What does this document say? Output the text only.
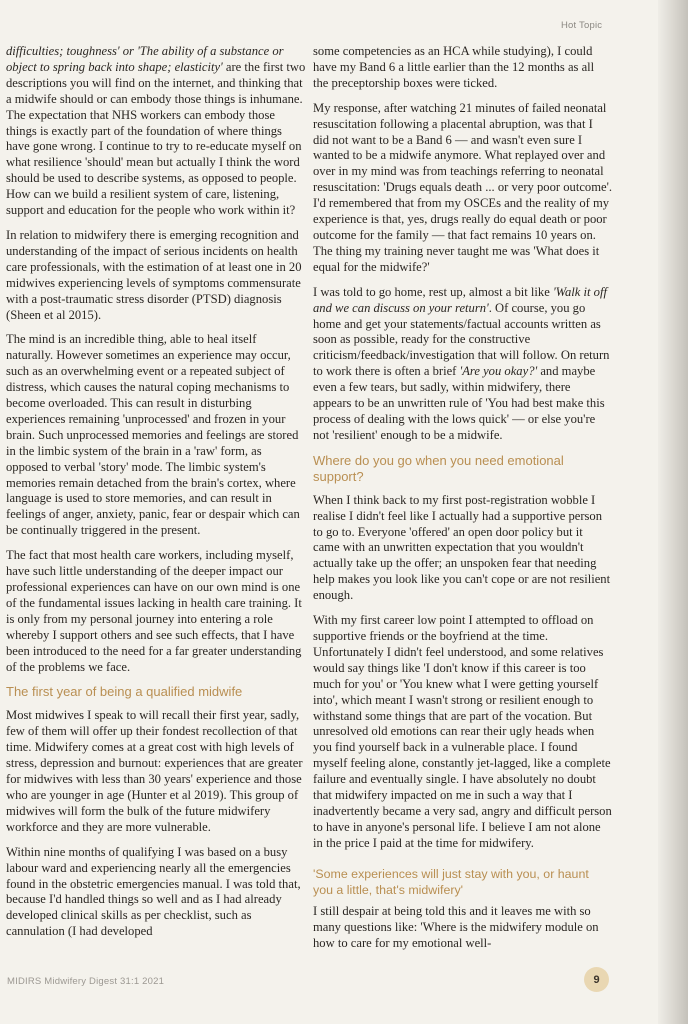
Hot Topic

difficulties; toughness' or 'The ability of a substance or object to spring back into shape; elasticity' are the first two descriptions you will find on the internet, and thinking that a midwife should or can embody those things is inhumane. The expectation that NHS workers can embody those things is exactly part of the foundation of where things have gone wrong. I continue to try to re-educate myself on what resilience 'should' mean but actually I think the word should be used to describe systems, as opposed to people. How can we build a resilient system of care, listening, support and education for the people who work within it?

In relation to midwifery there is emerging recognition and understanding of the impact of serious incidents on health care professionals, with the estimation of at least one in 20 midwives experiencing levels of symptoms commensurate with a post-traumatic stress disorder (PTSD) diagnosis (Sheen et al 2015).

The mind is an incredible thing, able to heal itself naturally. However sometimes an experience may occur, such as an overwhelming event or a repeated subject of distress, which causes the natural coping mechanisms to become overloaded. This can result in disturbing experiences remaining 'unprocessed' and frozen in your brain. Such unprocessed memories and feelings are stored in the limbic system of the brain in a 'raw' form, as opposed to verbal 'story' mode. The limbic system's memories remain detached from the brain's cortex, where language is used to store memories, and can result in feelings of anger, anxiety, panic, fear or despair which can be continually triggered in the present.

The fact that most health care workers, including myself, have such little understanding of the deeper impact our professional experiences can have on our own mind is one of the fundamental issues lacking in health care training. It is only from my personal journey into entering a role whereby I support others and see such effects, that I have been introduced to the need for a far greater understanding of the problems we face.

The first year of being a qualified midwife

Most midwives I speak to will recall their first year, sadly, few of them will offer up their fondest recollection of that time. Midwifery comes at a great cost with high levels of stress, depression and burnout: experiences that are greater for midwives with less than 30 years' experience and those who are younger in age (Hunter et al 2019). This group of midwives will form the bulk of the future midwifery workforce and they are more vulnerable.

Within nine months of qualifying I was based on a busy labour ward and experiencing nearly all the emergencies found in the obstetric emergencies manual. I was told that, because I'd handled things so well and as I had already developed clinical skills as per checklist, such as cannulation (I had developed

some competencies as an HCA while studying), I could have my Band 6 a little earlier than the 12 months as all the preceptorship boxes were ticked.

My response, after watching 21 minutes of failed neonatal resuscitation following a placental abruption, was that I did not want to be a Band 6 — and wasn't even sure I wanted to be a midwife anymore. What replayed over and over in my mind was from teachings referring to neonatal resuscitation: 'Drugs equals death ... or very poor outcome'. I'd remembered that from my OSCEs and the reality of my experience is that, yes, drugs really do equal death or poor outcome for the family — that fact remains 10 years on. The thing my training never taught me was 'What does it equal for the midwife?'

I was told to go home, rest up, almost a bit like 'Walk it off and we can discuss on your return'. Of course, you go home and get your statements/factual accounts written as soon as possible, ready for the constructive criticism/feedback/investigation that will follow. On return to work there is often a brief 'Are you okay?' and maybe even a few tears, but sadly, within midwifery, there appears to be an unwritten rule of 'You had best make this process of dealing with the lows quick' — or else you're not 'resilient' enough to be a midwife.

Where do you go when you need emotional support?

When I think back to my first post-registration wobble I realise I didn't feel like I actually had a supportive person to go to. Everyone 'offered' an open door policy but it came with an unwritten expectation that you wouldn't actually take up the offer; an unspoken fear that needing help makes you look like you can't cope or are not resilient enough.

With my first career low point I attempted to offload on supportive friends or the boyfriend at the time. Unfortunately I didn't feel understood, and some relatives would say things like 'I don't know if this career is too much for you' or 'You knew what I were getting yourself into', which meant I wasn't strong or resilient enough to withstand some things that are part of the vocation. But unresolved old emotions can rear their ugly heads when you find yourself back in a vulnerable place. I found myself feeling alone, constantly jet-lagged, like a complete failure and eventually single. I have absolutely no doubt that midwifery impacted on me in such a way that I inadvertently became a very sad, angry and difficult person to have in anyone's personal life. I believe I am not alone in the price I paid at the time for midwifery.

'Some experiences will just stay with you, or haunt you a little, that's midwifery'

I still despair at being told this and it leaves me with so many questions like: 'Where is the midwifery module on how to care for my emotional well-

MIDIRS Midwifery Digest 31:1 2021	9
